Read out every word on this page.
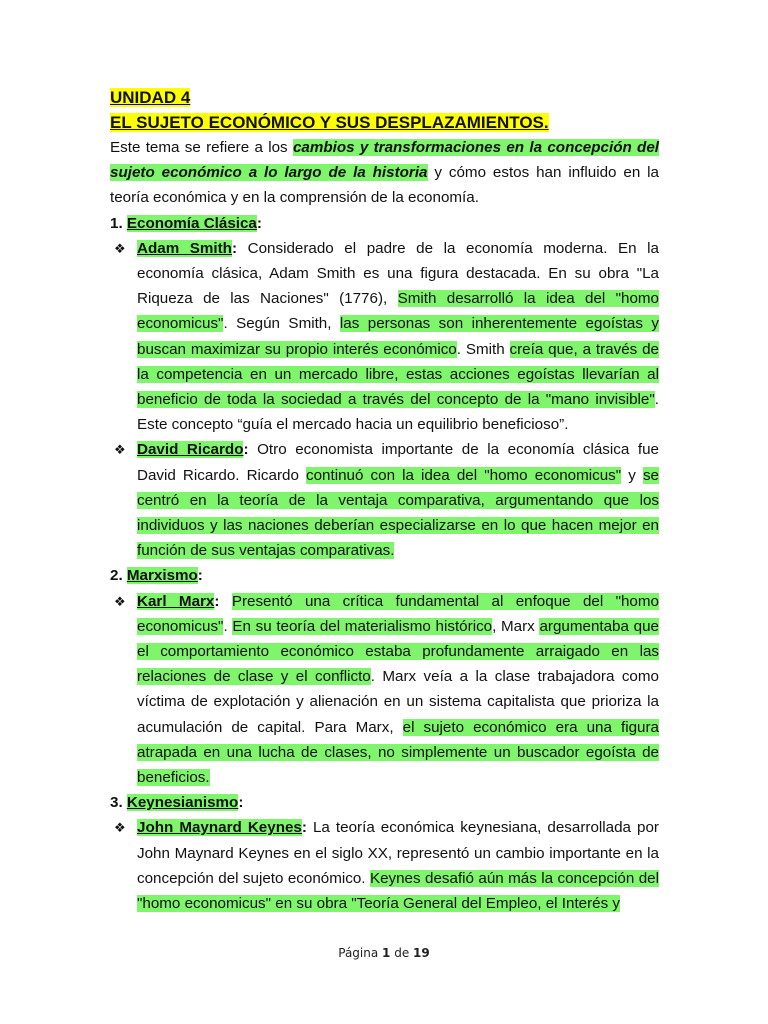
UNIDAD 4
EL SUJETO ECONÓMICO Y SUS DESPLAZAMIENTOS.

Este tema se refiere a los cambios y transformaciones en la concepción del sujeto económico a lo largo de la historia y cómo estos han influido en la teoría económica y en la comprensión de la economía.

1. Economía Clásica:
❖ Adam Smith: Considerado el padre de la economía moderna. En la economía clásica, Adam Smith es una figura destacada. En su obra "La Riqueza de las Naciones" (1776), Smith desarrolló la idea del "homo economicus". Según Smith, las personas son inherentemente egoístas y buscan maximizar su propio interés económico. Smith creía que, a través de la competencia en un mercado libre, estas acciones egoístas llevarían al beneficio de toda la sociedad a través del concepto de la "mano invisible". Este concepto “guía el mercado hacia un equilibrio beneficioso”.
❖ David Ricardo: Otro economista importante de la economía clásica fue David Ricardo. Ricardo continuó con la idea del "homo economicus" y se centró en la teoría de la ventaja comparativa, argumentando que los individuos y las naciones deberían especializarse en lo que hacen mejor en función de sus ventajas comparativas.
2. Marxismo:
❖ Karl Marx: Presentó una crítica fundamental al enfoque del "homo economicus". En su teoría del materialismo histórico, Marx argumentaba que el comportamiento económico estaba profundamente arraigado en las relaciones de clase y el conflicto. Marx veía a la clase trabajadora como víctima de explotación y alienación en un sistema capitalista que prioriza la acumulación de capital. Para Marx, el sujeto económico era una figura atrapada en una lucha de clases, no simplemente un buscador egoísta de beneficios.
3. Keynesianismo:
❖ John Maynard Keynes: La teoría económica keynesiana, desarrollada por John Maynard Keynes en el siglo XX, representó un cambio importante en la concepción del sujeto económico. Keynes desafió aún más la concepción del "homo economicus" en su obra "Teoría General del Empleo, el Interés y
Página 1 de 19
